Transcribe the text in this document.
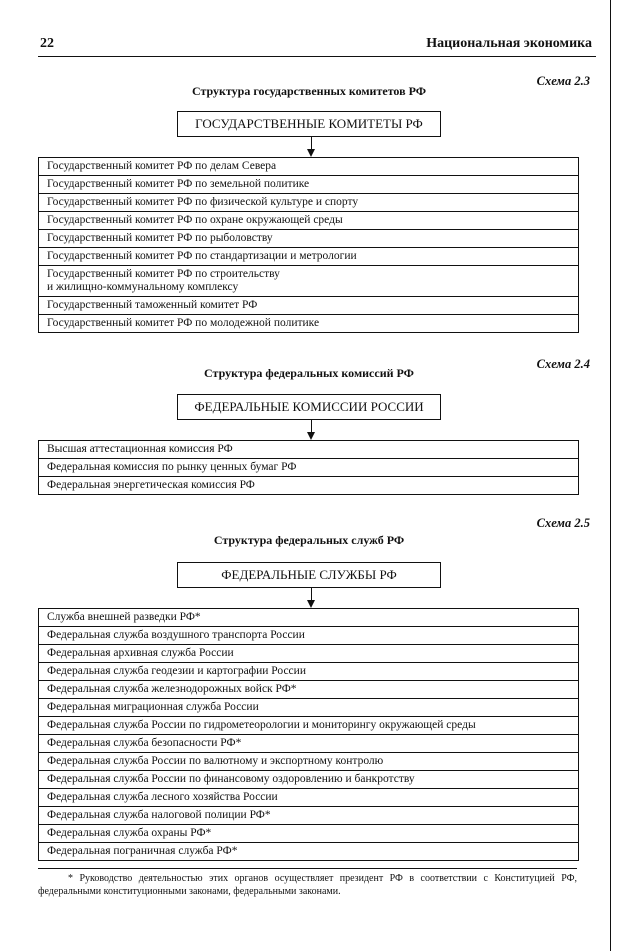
22	Национальная экономика
Схема 2.3
Структура государственных комитетов РФ
ГОСУДАРСТВЕННЫЕ КОМИТЕТЫ РФ
Государственный комитет РФ по делам Севера
Государственный комитет РФ по земельной политике
Государственный комитет РФ по физической культуре и спорту
Государственный комитет РФ по охране окружающей среды
Государственный комитет РФ по рыболовству
Государственный комитет РФ по стандартизации и метрологии
Государственный комитет РФ по строительству
и жилищно-коммунальному комплексу
Государственный таможенный комитет РФ
Государственный комитет РФ по молодежной политике
Схема 2.4
Структура федеральных комиссий РФ
ФЕДЕРАЛЬНЫЕ КОМИССИИ РОССИИ
Высшая аттестационная комиссия РФ
Федеральная комиссия по рынку ценных бумаг РФ
Федеральная энергетическая комиссия РФ
Схема 2.5
Структура федеральных служб РФ
ФЕДЕРАЛЬНЫЕ СЛУЖБЫ РФ
Служба внешней разведки РФ*
Федеральная служба воздушного транспорта России
Федеральная архивная служба России
Федеральная служба геодезии и картографии России
Федеральная служба железнодорожных войск РФ*
Федеральная миграционная служба России
Федеральная служба России по гидрометеорологии и мониторингу окружающей среды
Федеральная служба безопасности РФ*
Федеральная служба России по валютному и экспортному контролю
Федеральная служба России по финансовому оздоровлению и банкротству
Федеральная служба лесного хозяйства России
Федеральная служба налоговой полиции РФ*
Федеральная служба охраны РФ*
Федеральная пограничная служба РФ*
* Руководство деятельностью этих органов осуществляет президент РФ в соответствии с Конституцией РФ, федеральными конституционными законами, федеральными законами.
